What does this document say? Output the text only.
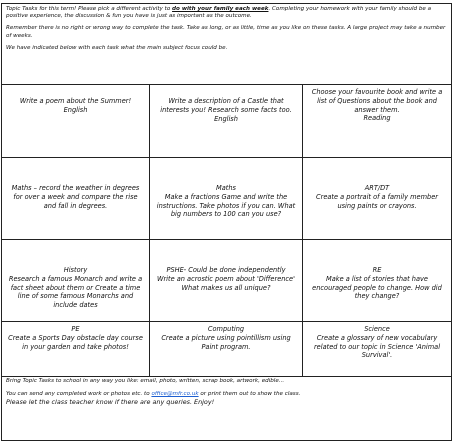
Topic Tasks for this term! Please pick a different activity to do with your family each week. Completing your homework with your family should be a positive experience, the discussion & fun you have is just as important as the outcome.

Remember there is no right or wrong way to complete the task. Take as long, or as little, time as you like on these tasks. A large project may take a number of weeks.

We have indicated below with each task what the main subject focus could be.

Write a poem about the Summer!
English
Write a description of a Castle that interests you! Research some facts too.
English
Choose your favourite book and write a list of Questions about the book and answer them.
Reading
Maths – record the weather in degrees for over a week and compare the rise and fall in degrees.
Maths
Make a fractions Game and write the instructions. Take photos if you can. What big numbers to 100 can you use?
ART/DT
Create a portrait of a family member using paints or crayons.
History
Research a famous Monarch and write a fact sheet about them or Create a time line of some famous Monarchs and include dates
PSHE- Could be done independently
Write an acrostic poem about 'Difference' What makes us all unique?
RE
Make a list of stories that have encouraged people to change. How did they change?
PE
Create a Sports Day obstacle day course in your garden and take photos!
Computing
Create a picture using pointillism using Paint program.
Science
Create a glossary of new vocabulary related to our topic in Science 'Animal Survival'.

Bring Topic Tasks to school in any way you like: email, photo, written, scrap book, artwork, edible...

You can send any completed work or photos etc. to office@mfr.co.uk or print them out to show the class.

Please let the class teacher know if there are any queries. Enjoy!
